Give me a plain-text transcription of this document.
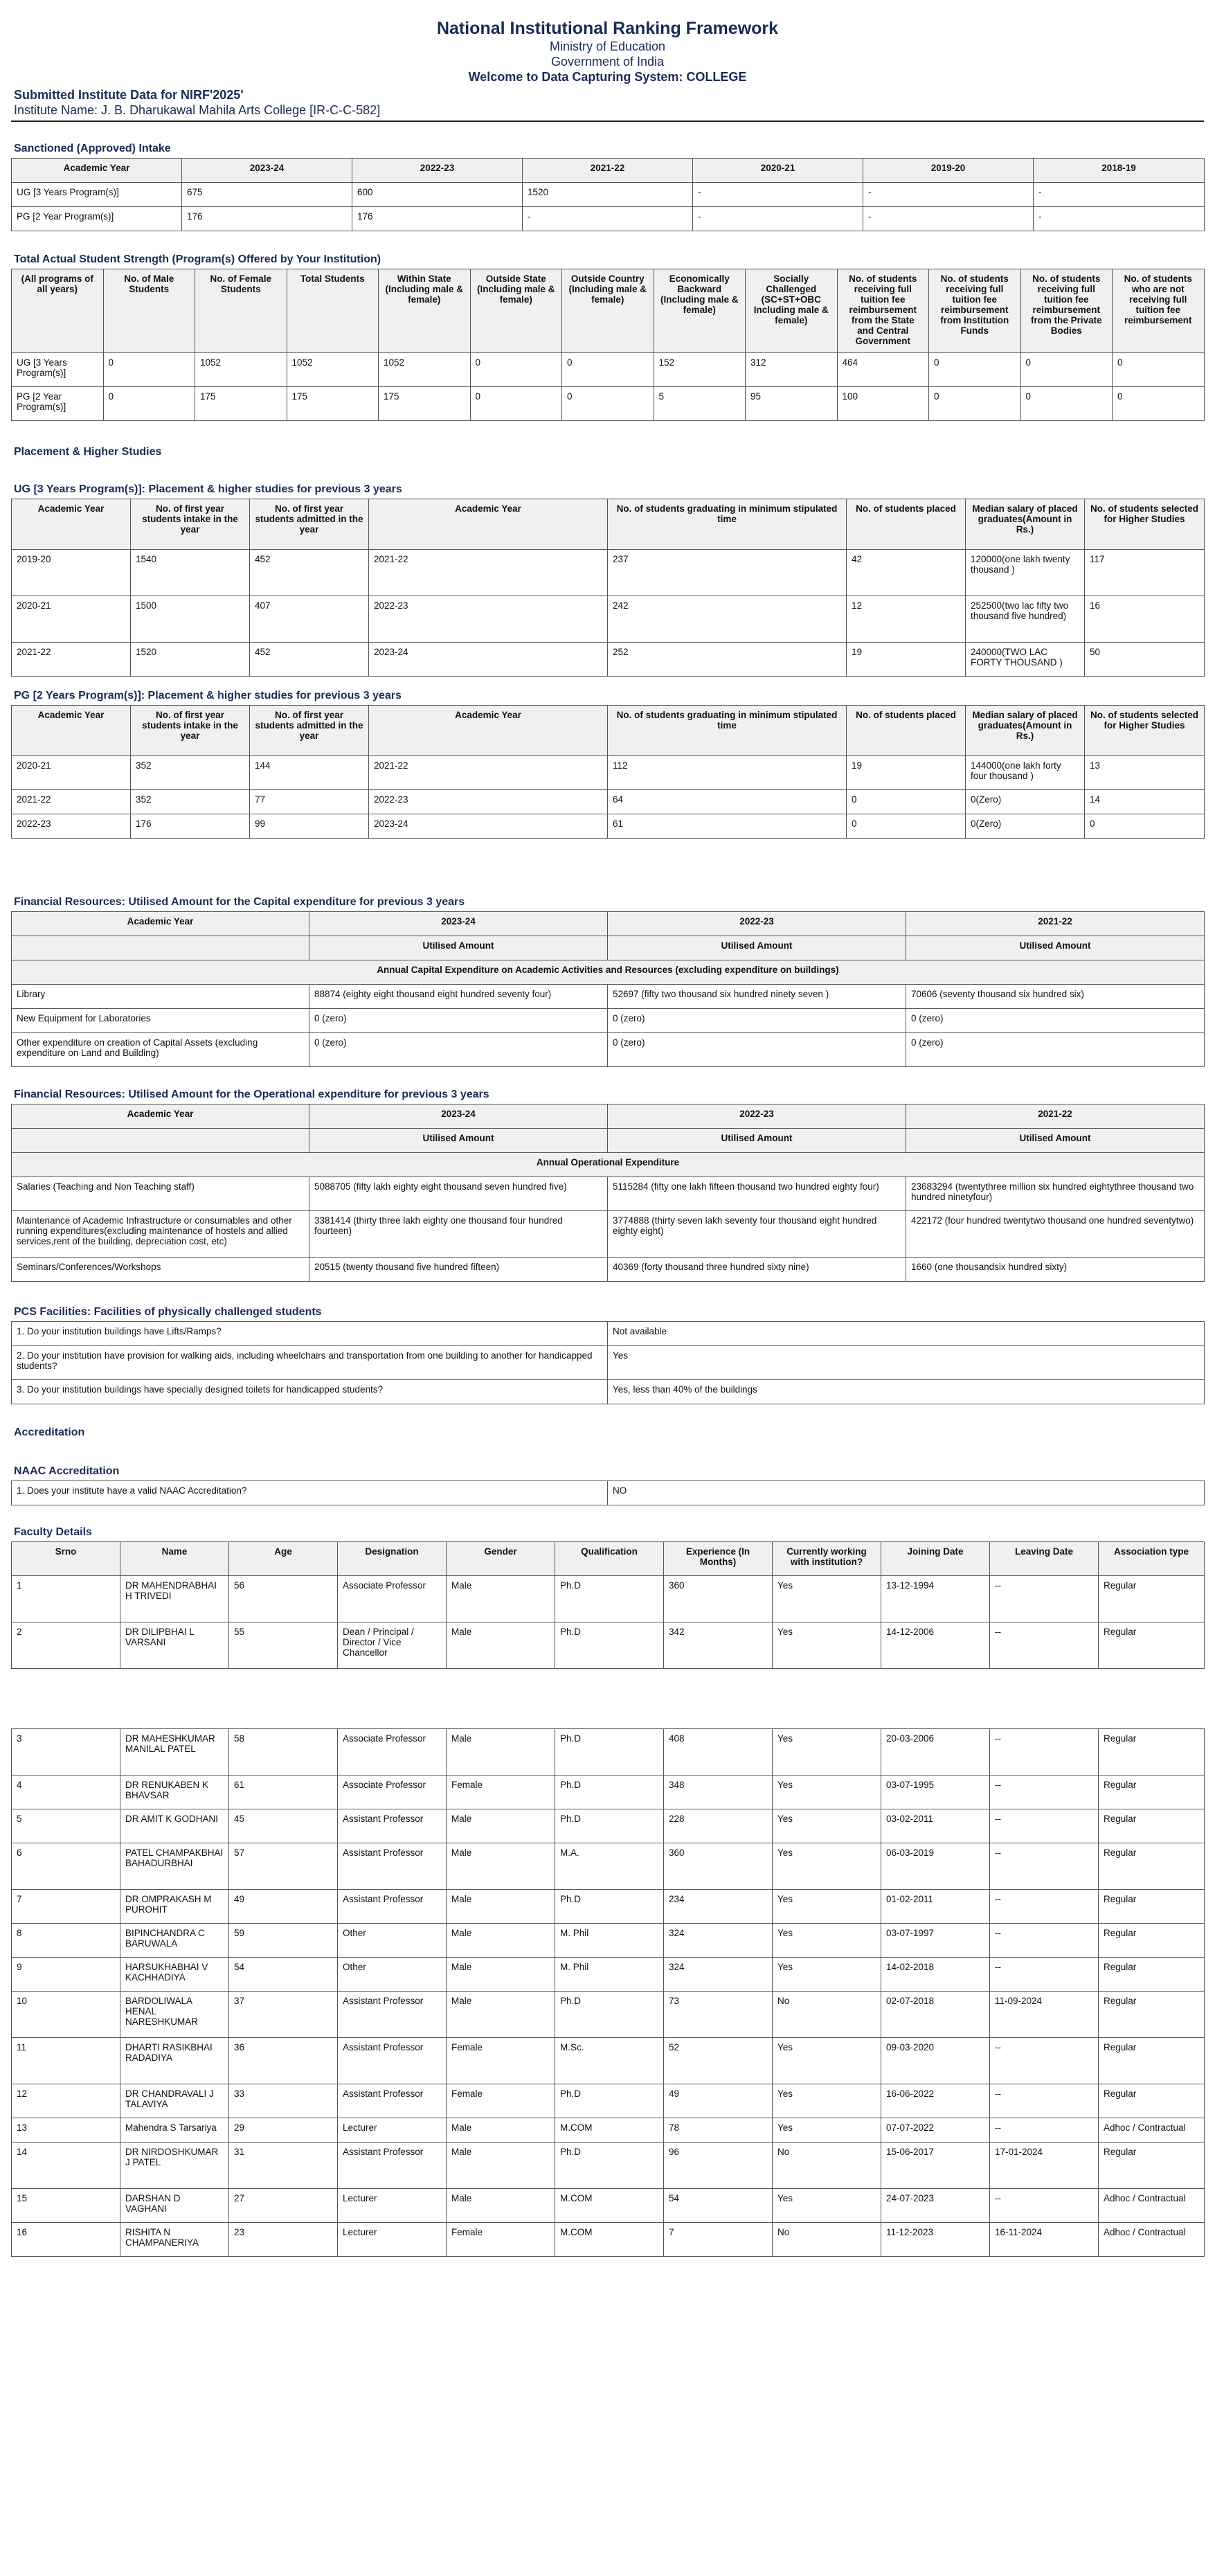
National Institutional Ranking Framework
Ministry of Education
Government of India
Welcome to Data Capturing System: COLLEGE
Submitted Institute Data for NIRF'2025'
Institute Name: J. B. Dharukawal Mahila Arts College [IR-C-C-582]
Sanctioned (Approved) Intake
Academic Year	2023-24	2022-23	2021-22	2020-21	2019-20	2018-19
UG [3 Years Program(s)]	675	600	1520	-	-	-
PG [2 Year Program(s)]	176	176	-	-	-	-
Total Actual Student Strength (Program(s) Offered by Your Institution)
(All programs of all years)	No. of Male Students	No. of Female Students	Total Students	Within State (Including male & female)	Outside State (Including male & female)	Outside Country (Including male & female)	Economically Backward (Including male & female)	Socially Challenged (SC+ST+OBC Including male & female)	No. of students receiving full tuition fee reimbursement from the State and Central Government	No. of students receiving full tuition fee reimbursement from Institution Funds	No. of students receiving full tuition fee reimbursement from the Private Bodies	No. of students who are not receiving full tuition fee reimbursement
UG [3 Years Program(s)]	0	1052	1052	1052	0	0	152	312	464	0	0	0
PG [2 Year Program(s)]	0	175	175	175	0	0	5	95	100	0	0	0
Placement & Higher Studies
UG [3 Years Program(s)]: Placement & higher studies for previous 3 years
Academic Year	No. of first year students intake in the year	No. of first year students admitted in the year	Academic Year	No. of students graduating in minimum stipulated time	No. of students placed	Median salary of placed graduates(Amount in Rs.)	No. of students selected for Higher Studies
2019-20	1540	452	2021-22	237	42	120000(one lakh twenty thousand )	117
2020-21	1500	407	2022-23	242	12	252500(two lac fifty two thousand five hundred)	16
2021-22	1520	452	2023-24	252	19	240000(TWO LAC FORTY THOUSAND )	50
PG [2 Years Program(s)]: Placement & higher studies for previous 3 years
Academic Year	No. of first year students intake in the year	No. of first year students admitted in the year	Academic Year	No. of students graduating in minimum stipulated time	No. of students placed	Median salary of placed graduates(Amount in Rs.)	No. of students selected for Higher Studies
2020-21	352	144	2021-22	112	19	144000(one lakh forty four thousand )	13
2021-22	352	77	2022-23	64	0	0(Zero)	14
2022-23	176	99	2023-24	61	0	0(Zero)	0
Financial Resources: Utilised Amount for the Capital expenditure for previous 3 years
Academic Year	2023-24	2022-23	2021-22
	Utilised Amount	Utilised Amount	Utilised Amount
Annual Capital Expenditure on Academic Activities and Resources (excluding expenditure on buildings)			
Library	88874 (eighty eight thousand eight hundred seventy four)	52697 (fifty two thousand six hundred ninety seven )	70606 (seventy thousand six hundred six)
New Equipment for Laboratories	0 (zero)	0 (zero)	0 (zero)
Other expenditure on creation of Capital Assets (excluding expenditure on Land and Building)	0 (zero)	0 (zero)	0 (zero)
Financial Resources: Utilised Amount for the Operational expenditure for previous 3 years
Academic Year	2023-24	2022-23	2021-22
	Utilised Amount	Utilised Amount	Utilised Amount
Annual Operational Expenditure			
Salaries (Teaching and Non Teaching staff)	5088705 (fifty lakh eighty eight thousand seven hundred five)	5115284 (fifty one lakh fifteen thousand two hundred eighty four)	23683294 (twentythree million six hundred eightythree thousand two hundred ninetyfour)
Maintenance of Academic Infrastructure or consumables and other running expenditures(excluding maintenance of hostels and allied services,rent of the building, depreciation cost, etc)	3381414 (thirty three lakh eighty one thousand four hundred fourteen)	3774888 (thirty seven lakh seventy four thousand eight hundred eighty eight)	422172 (four hundred twentytwo thousand one hundred seventytwo)
Seminars/Conferences/Workshops	20515 (twenty thousand five hundred fifteen)	40369 (forty thousand three hundred sixty nine)	1660 (one thousandsix hundred sixty)
PCS Facilities: Facilities of physically challenged students
1. Do your institution buildings have Lifts/Ramps?	Not available
2. Do your institution have provision for walking aids, including wheelchairs and transportation from one building to another for handicapped students?	Yes
3. Do your institution buildings have specially designed toilets for handicapped students?	Yes, less than 40% of the buildings
Accreditation
NAAC Accreditation
1. Does your institute have a valid NAAC Accreditation?	NO
Faculty Details
Srno	Name	Age	Designation	Gender	Qualification	Experience (In Months)	Currently working with institution?	Joining Date	Leaving Date	Association type
1	DR MAHENDRABHAI H TRIVEDI	56	Associate Professor	Male	Ph.D	360	Yes	13-12-1994	--	Regular
2	DR DILIPBHAI L VARSANI	55	Dean / Principal / Director / Vice Chancellor	Male	Ph.D	342	Yes	14-12-2006	--	Regular
3	DR MAHESHKUMAR MANILAL PATEL	58	Associate Professor	Male	Ph.D	408	Yes	20-03-2006	--	Regular
4	DR RENUKABEN K BHAVSAR	61	Associate Professor	Female	Ph.D	348	Yes	03-07-1995	--	Regular
5	DR AMIT K GODHANI	45	Assistant Professor	Male	Ph.D	228	Yes	03-02-2011	--	Regular
6	PATEL CHAMPAKBHAI BAHADURBHAI	57	Assistant Professor	Male	M.A.	360	Yes	06-03-2019	--	Regular
7	DR OMPRAKASH M PUROHIT	49	Assistant Professor	Male	Ph.D	234	Yes	01-02-2011	--	Regular
8	BIPINCHANDRA C BARUWALA	59	Other	Male	M. Phil	324	Yes	03-07-1997	--	Regular
9	HARSUKHABHAI V KACHHADIYA	54	Other	Male	M. Phil	324	Yes	14-02-2018	--	Regular
10	BARDOLIWALA HENAL NARESHKUMAR	37	Assistant Professor	Male	Ph.D	73	No	02-07-2018	11-09-2024	Regular
11	DHARTI RASIKBHAI RADADIYA	36	Assistant Professor	Female	M.Sc.	52	Yes	09-03-2020	--	Regular
12	DR CHANDRAVALI J TALAVIYA	33	Assistant Professor	Female	Ph.D	49	Yes	16-06-2022	--	Regular
13	Mahendra S Tarsariya	29	Lecturer	Male	M.COM	78	Yes	07-07-2022	--	Adhoc / Contractual
14	DR NIRDOSHKUMAR J PATEL	31	Assistant Professor	Male	Ph.D	96	No	15-06-2017	17-01-2024	Regular
15	DARSHAN D VAGHANI	27	Lecturer	Male	M.COM	54	Yes	24-07-2023	--	Adhoc / Contractual
16	RISHITA N CHAMPANERIYA	23	Lecturer	Female	M.COM	7	No	11-12-2023	16-11-2024	Adhoc / Contractual
